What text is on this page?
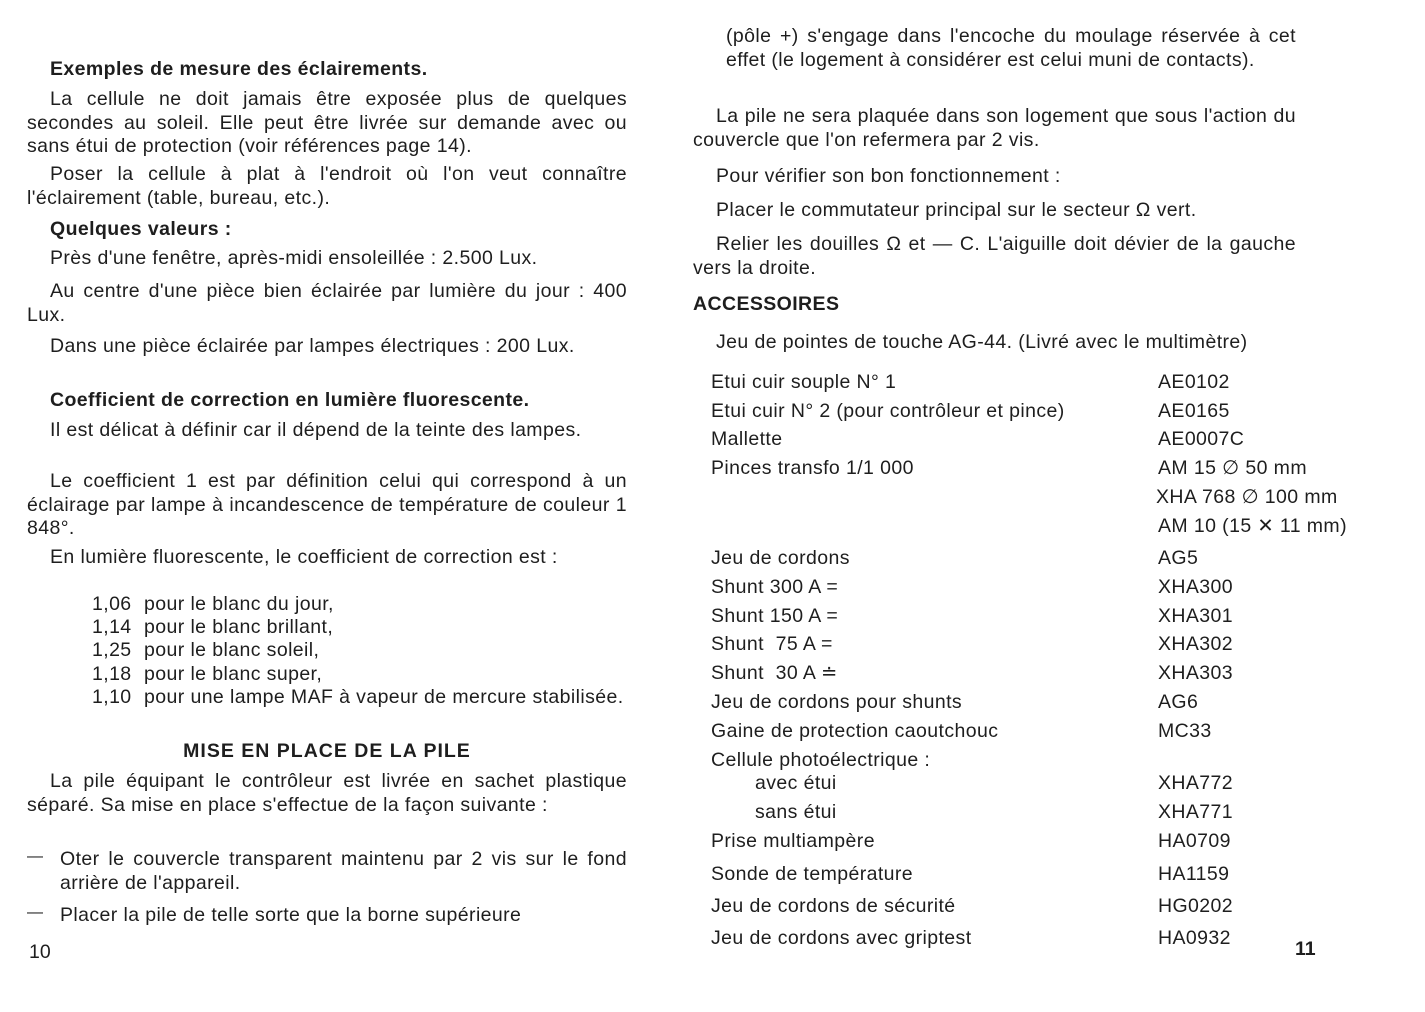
Exemples de mesure des éclairements.

La cellule ne doit jamais être exposée plus de quelques secondes au soleil. Elle peut être livrée sur demande avec ou sans étui de protection (voir références page 14).

Poser la cellule à plat à l'endroit où l'on veut connaître l'éclairement (table, bureau, etc.).

Quelques valeurs :

Près d'une fenêtre, après-midi ensoleillée : 2.500 Lux.

Au centre d'une pièce bien éclairée par lumière du jour : 400 Lux.

Dans une pièce éclairée par lampes électriques : 200 Lux.

Coefficient de correction en lumière fluorescente.

Il est délicat à définir car il dépend de la teinte des lampes.

Le coefficient 1 est par définition celui qui correspond à un éclairage par lampe à incandescence de température de couleur 1 848°.

En lumière fluorescente, le coefficient de correction est :

1,06 pour le blanc du jour,
1,14 pour le blanc brillant,
1,25 pour le blanc soleil,
1,18 pour le blanc super,
1,10 pour une lampe MAF à vapeur de mercure stabilisée.

MISE EN PLACE DE LA PILE

La pile équipant le contrôleur est livrée en sachet plastique séparé. Sa mise en place s'effectue de la façon suivante :

— Oter le couvercle transparent maintenu par 2 vis sur le fond arrière de l'appareil.

— Placer la pile de telle sorte que la borne supérieure

10

(pôle +) s'engage dans l'encoche du moulage réservée à cet effet (le logement à considérer est celui muni de contacts).

La pile ne sera plaquée dans son logement que sous l'action du couvercle que l'on refermera par 2 vis.

Pour vérifier son bon fonctionnement :

Placer le commutateur principal sur le secteur Ω vert.

Relier les douilles Ω et — C. L'aiguille doit dévier de la gauche vers la droite.

ACCESSOIRES

Jeu de pointes de touche AG-44. (Livré avec le multimètre)

Etui cuir souple N° 1	AE0102
Etui cuir N° 2 (pour contrôleur et pince)	AE0165
Mallette	AE0007C
Pinces transfo 1/1 000	AM 15 ∅ 50 mm
XHA 768 ∅ 100 mm
AM 10 (15 ✕ 11 mm)
Jeu de cordons	AG5
Shunt 300 A =	XHA300
Shunt 150 A =	XHA301
Shunt  75 A =	XHA302
Shunt  30 A ≐	XHA303
Jeu de cordons pour shunts	AG6
Gaine de protection caoutchouc	MC33
Cellule photoélectrique :
avec étui	XHA772
sans étui	XHA771
Prise multiampère	HA0709
Sonde de température	HA1159
Jeu de cordons de sécurité	HG0202
Jeu de cordons avec griptest	HA0932	11
